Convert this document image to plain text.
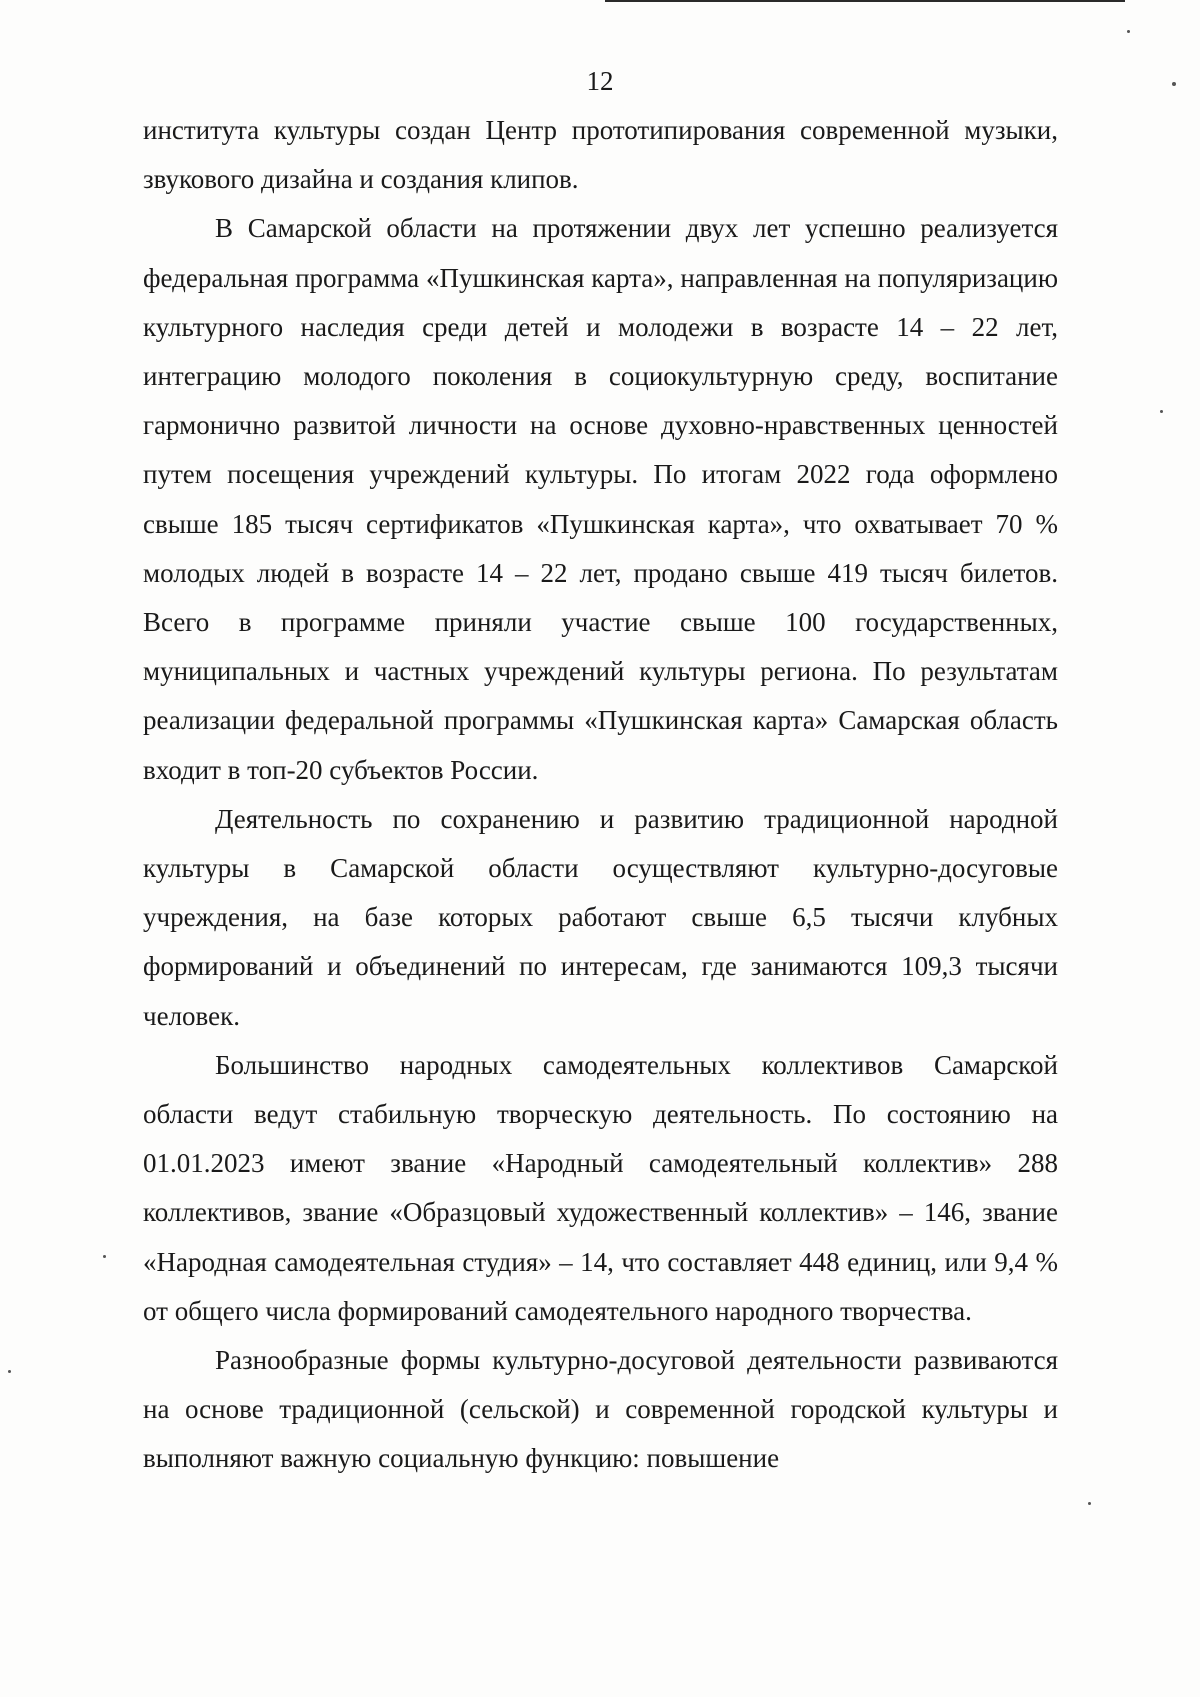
12

института культуры создан Центр прототипирования современной музыки, звукового дизайна и создания клипов.

В Самарской области на протяжении двух лет успешно реализуется федеральная программа «Пушкинская карта», направленная на популяризацию культурного наследия среди детей и молодежи в возрасте 14 – 22 лет, интеграцию молодого поколения в социокультурную среду, воспитание гармонично развитой личности на основе духовно-нравственных ценностей путем посещения учреждений культуры. По итогам 2022 года оформлено свыше 185 тысяч сертификатов «Пушкинская карта», что охватывает 70 % молодых людей в возрасте 14 – 22 лет, продано свыше 419 тысяч билетов. Всего в программе приняли участие свыше 100 государственных, муниципальных и частных учреждений культуры региона. По результатам реализации федеральной программы «Пушкинская карта» Самарская область входит в топ-20 субъектов России.

Деятельность по сохранению и развитию традиционной народной культуры в Самарской области осуществляют культурно-досуговые учреждения, на базе которых работают свыше 6,5 тысячи клубных формирований и объединений по интересам, где занимаются 109,3 тысячи человек.

Большинство народных самодеятельных коллективов Самарской области ведут стабильную творческую деятельность. По состоянию на 01.01.2023 имеют звание «Народный самодеятельный коллектив» 288 коллективов, звание «Образцовый художественный коллектив» – 146, звание «Народная самодеятельная студия» – 14, что составляет 448 единиц, или 9,4 % от общего числа формирований самодеятельного народного творчества.

Разнообразные формы культурно-досуговой деятельности развиваются на основе традиционной (сельской) и современной городской культуры и выполняют важную социальную функцию: повышение
